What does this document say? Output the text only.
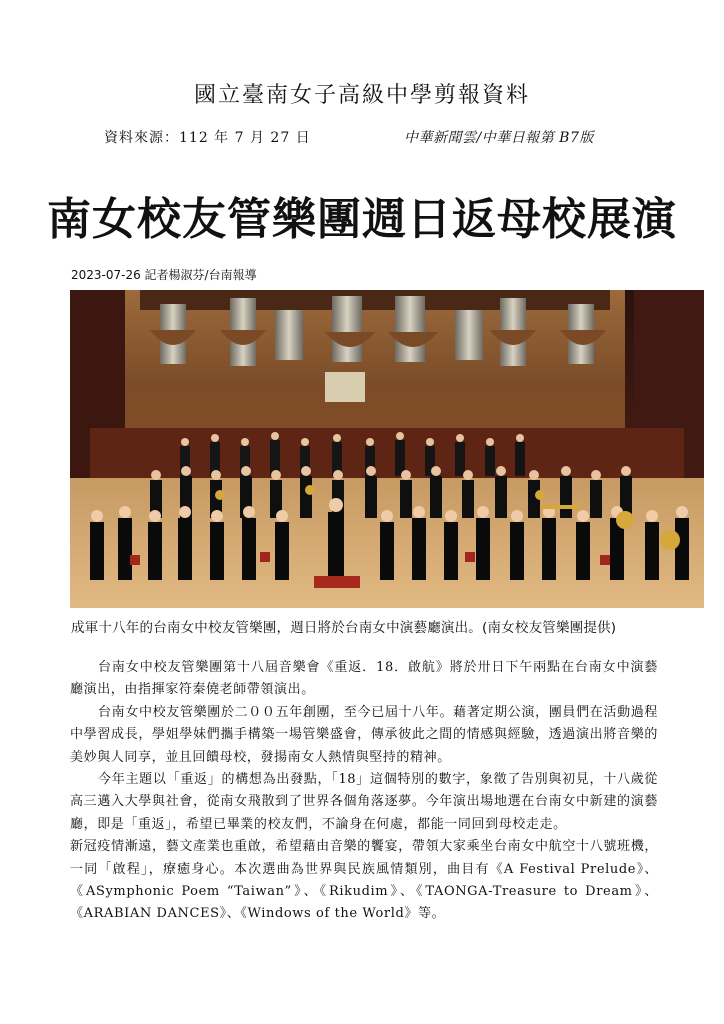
國立臺南女子高級中學剪報資料
資料來源：112 年 7 月 27 日	中華新聞雲/中華日報第 B7版
南女校友管樂團週日返母校展演
2023-07-26 記者楊淑芬/台南報導
成軍十八年的台南女中校友管樂團，週日將於台南女中演藝廳演出。(南女校友管樂團提供)

台南女中校友管樂團第十八屆音樂會《重返．18．啟航》將於卅日下午兩點在台南女中演藝廳演出，由指揮家符秦僥老師帶領演出。

台南女中校友管樂團於二００五年創團，至今已屆十八年。藉著定期公演，團員們在活動過程中學習成長，學姐學妹們攜手構築一場管樂盛會，傳承彼此之間的情感與經驗，透過演出將音樂的美妙與人同享，並且回饋母校，發揚南女人熱情與堅持的精神。

今年主題以「重返」的構想為出發點，「18」這個特別的數字，象徵了告別與初見，十八歲從高三邁入大學與社會，從南女飛散到了世界各個角落逐夢。今年演出場地選在台南女中新建的演藝廳，即是「重返」，希望已畢業的校友們，不論身在何處，都能一同回到母校走走。

新冠疫情漸遠，藝文產業也重啟，希望藉由音樂的饗宴，帶領大家乘坐台南女中航空十八號班機，一同「啟程」，療癒身心。本次選曲為世界與民族風情類別，曲目有《A Festival Prelude》、《ASymphonic Poem “Taiwan”》、《Rikudim》、《TAONGA-Treasure to Dream》、《ARABIAN DANCES》、《Windows of the World》等。
